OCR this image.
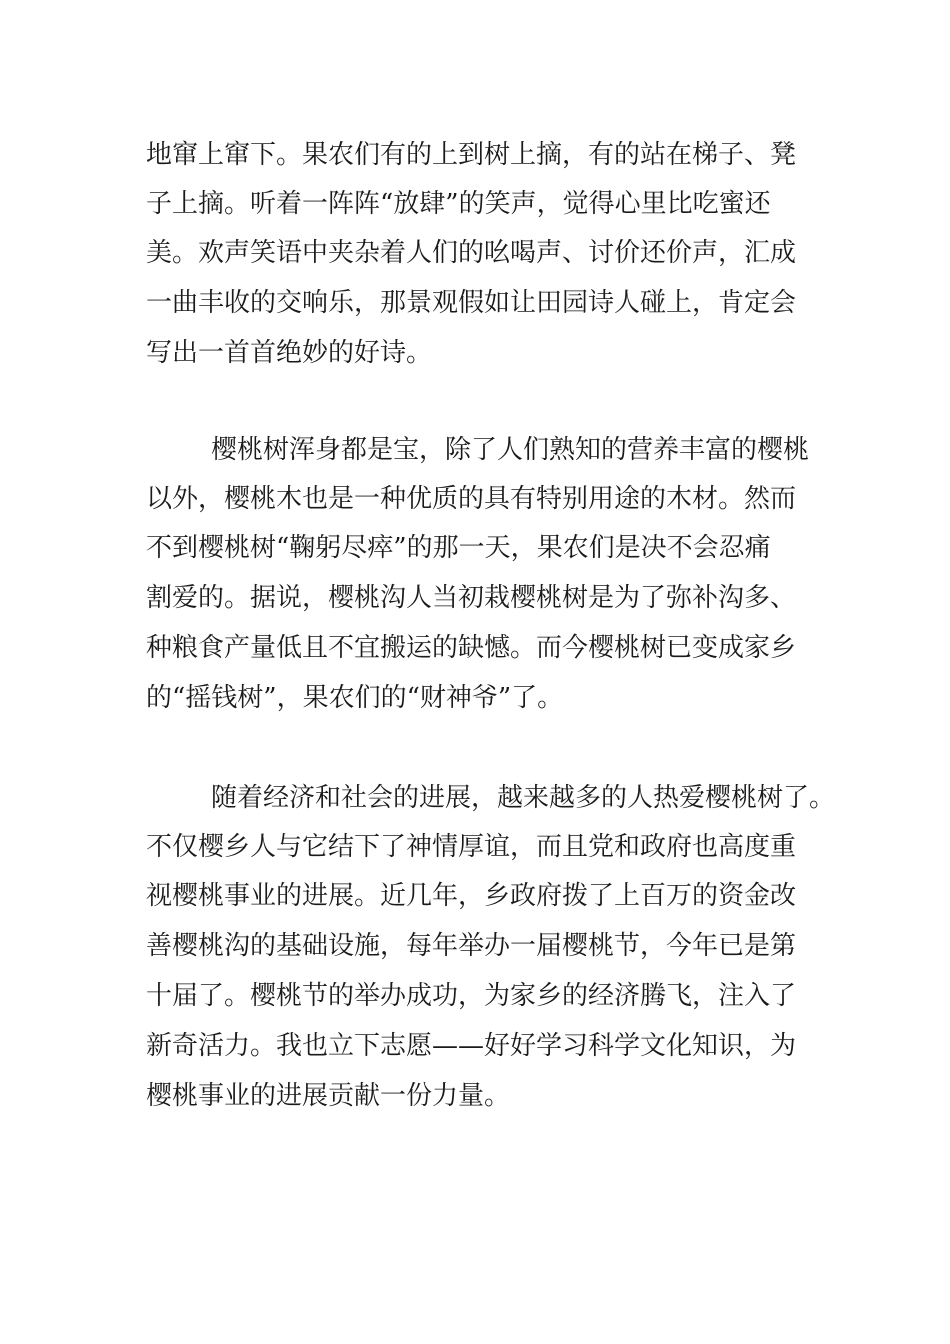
地窜上窜下。果农们有的上到树上摘，有的站在梯子、凳
子上摘。听着一阵阵“放肆”的笑声，觉得心里比吃蜜还
美。欢声笑语中夹杂着人们的吆喝声、讨价还价声，汇成
一曲丰收的交响乐，那景观假如让田园诗人碰上，肯定会
写出一首首绝妙的好诗。
樱桃树浑身都是宝，除了人们熟知的营养丰富的樱桃
以外，樱桃木也是一种优质的具有特别用途的木材。然而
不到樱桃树“鞠躬尽瘁”的那一天，果农们是决不会忍痛
割爱的。据说，樱桃沟人当初栽樱桃树是为了弥补沟多、
种粮食产量低且不宜搬运的缺憾。而今樱桃树已变成家乡
的“摇钱树”，果农们的“财神爷”了。
随着经济和社会的进展，越来越多的人热爱樱桃树了。
不仅樱乡人与它结下了神情厚谊，而且党和政府也高度重
视樱桃事业的进展。近几年，乡政府拨了上百万的资金改
善樱桃沟的基础设施，每年举办一届樱桃节，今年已是第
十届了。樱桃节的举办成功，为家乡的经济腾飞，注入了
新奇活力。我也立下志愿——好好学习科学文化知识，为
樱桃事业的进展贡献一份力量。
